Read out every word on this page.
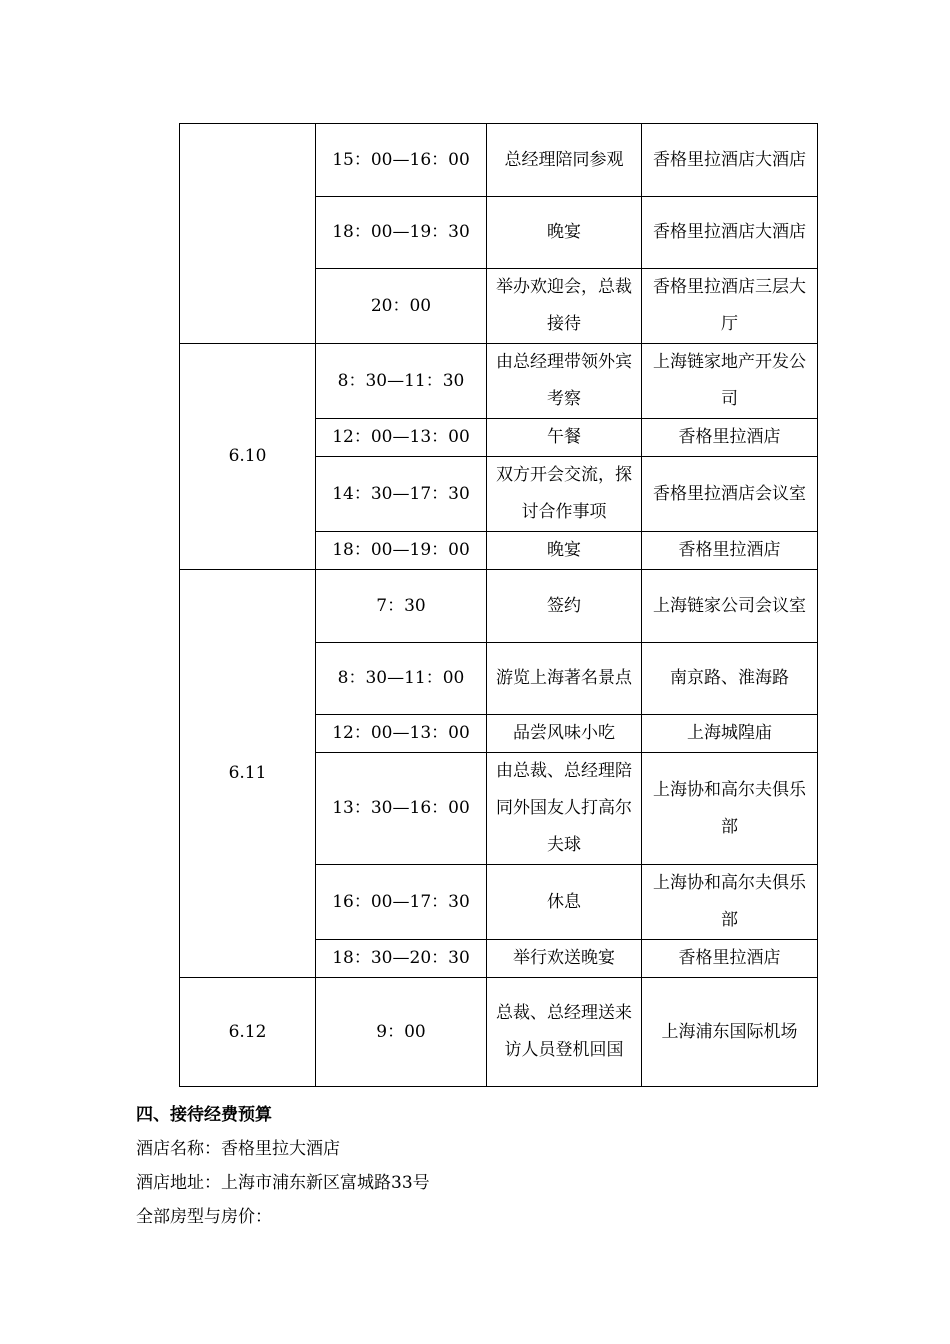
	15：00—16：00	总经理陪同参观	香格里拉酒店大酒店
	18：00—19：30	晚宴	香格里拉酒店大酒店
	20：00	举办欢迎会，总裁接待	香格里拉酒店三层大厅
6.10	8：30—11：30	由总经理带领外宾考察	上海链家地产开发公司
	12：00—13：00	午餐	香格里拉酒店
	14：30—17：30	双方开会交流，探讨合作事项	香格里拉酒店会议室
	18：00—19：00	晚宴	香格里拉酒店
6.11	7：30	签约	上海链家公司会议室
	8：30—11：00	游览上海著名景点	南京路、淮海路
	12：00—13：00	品尝风味小吃	上海城隍庙
	13：30—16：00	由总裁、总经理陪同外国友人打高尔夫球	上海协和高尔夫俱乐部
	16：00—17：30	休息	上海协和高尔夫俱乐部
	18：30—20：30	举行欢送晚宴	香格里拉酒店
6.12	9：00	总裁、总经理送来访人员登机回国	上海浦东国际机场

四、接待经费预算

酒店名称：香格里拉大酒店

酒店地址：上海市浦东新区富城路33号

全部房型与房价：
